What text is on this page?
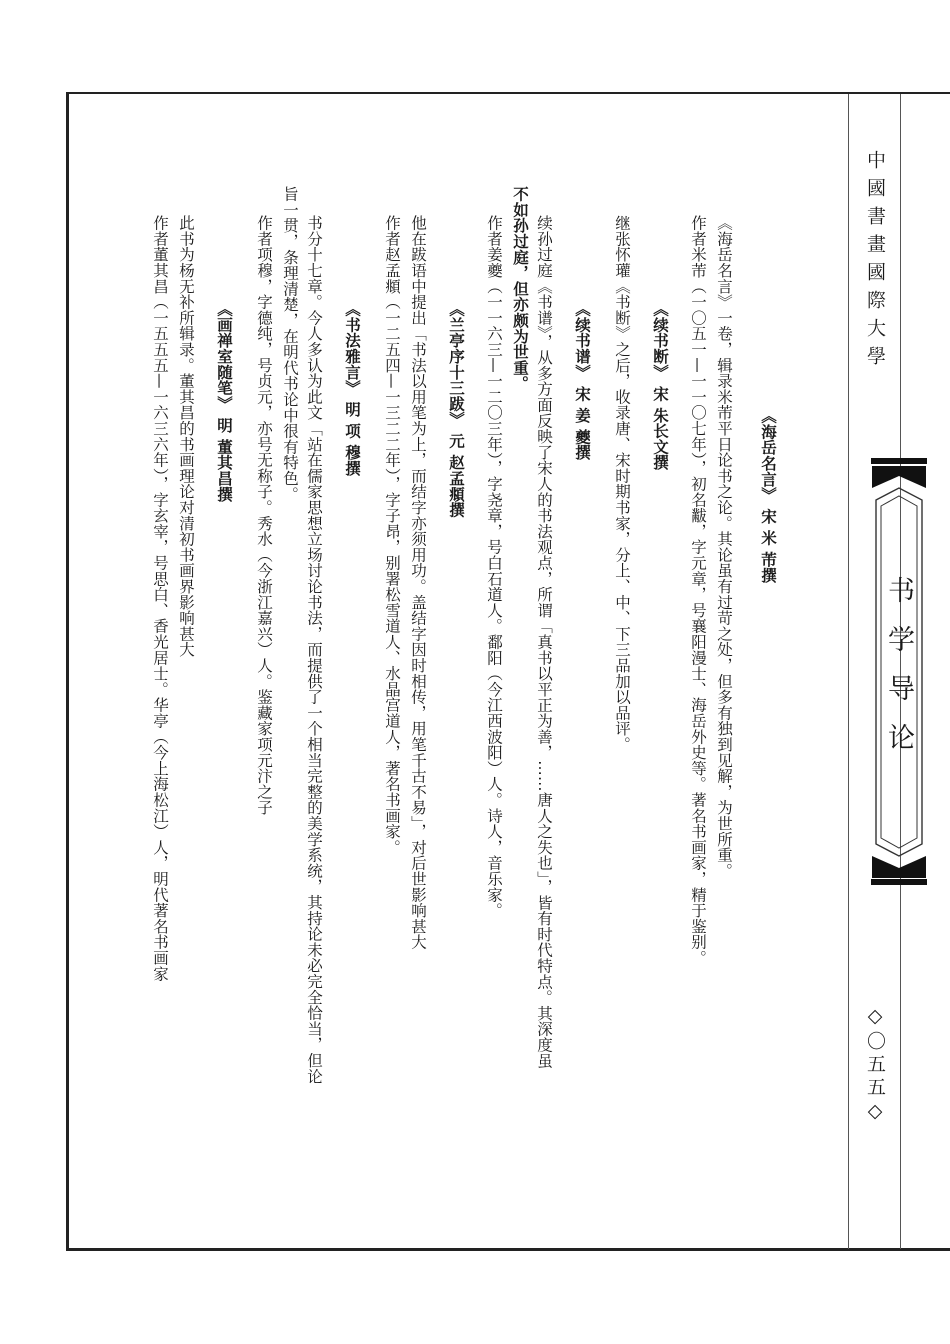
中國書畫國際大學
书学导论
◇〇五五◇
《海岳名言》 宋 米 芾撰
《海岳名言》一卷，辑录米芾平日论书之论。其论虽有过苛之处，但多有独到见解，为世所重。
作者米芾（一〇五一—一一〇七年），初名黻，字元章，号襄阳漫士、海岳外史等。著名书画家，精于鉴别。
《续书断》 宋 朱长文撰
继张怀瓘《书断》之后，收录唐、宋时期书家，分上、中、下三品加以品评。
《续书谱》 宋 姜 夔撰
续孙过庭《书谱》，从多方面反映了宋人的书法观点，所谓「真书以平正为善，……唐人之失也」，皆有时代特点。其深度虽
不如孙过庭，但亦颇为世重。
作者姜夔（一一六三—一二〇三年），字尧章，号白石道人。鄱阳（今江西波阳）人。诗人，音乐家。
《兰亭序十三跋》 元 赵孟頫撰
他在跋语中提出「书法以用笔为上，而结字亦须用功。盖结字因时相传，用笔千古不易」，对后世影响甚大
作者赵孟頫（一二五四—一三二二年），字子昂，别署松雪道人、水晶宫道人，著名书画家。
《书法雅言》 明 项 穆撰
书分十七章。今人多认为此文「站在儒家思想立场讨论书法，而提供了一个相当完整的美学系统，其持论未必完全恰当，但论
旨一贯，条理清楚，在明代书论中很有特色。
作者项穆，字德纯，号贞元，亦号无称子。秀水（今浙江嘉兴）人。鉴藏家项元汴之子
《画禅室随笔》 明 董其昌撰
此书为杨无补所辑录。董其昌的书画理论对清初书画界影响甚大
作者董其昌（一五五五—一六三六年），字玄宰，号思白、香光居士。华亭（今上海松江）人，明代著名书画家
